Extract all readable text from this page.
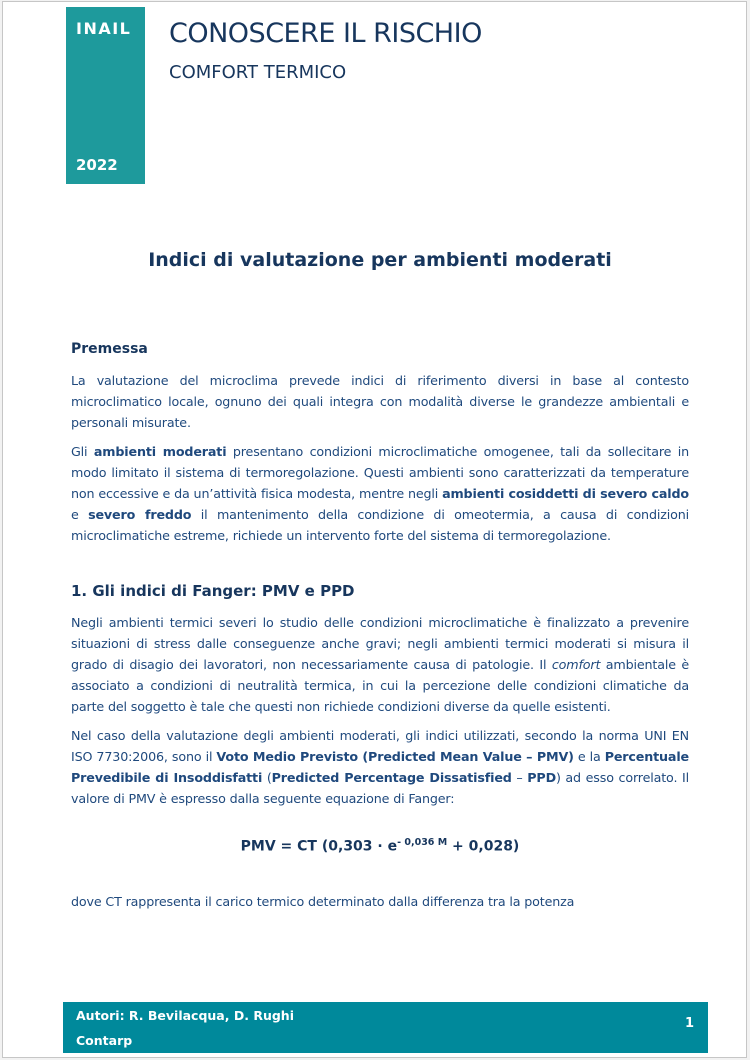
INAIL
2022
CONOSCERE IL RISCHIO
COMFORT TERMICO
Indici di valutazione per ambienti moderati
Premessa

La valutazione del microclima prevede indici di riferimento diversi in base al contesto microclimatico locale, ognuno dei quali integra con modalità diverse le grandezze ambientali e personali misurate.

Gli ambienti moderati presentano condizioni microclimatiche omogenee, tali da sollecitare in modo limitato il sistema di termoregolazione. Questi ambienti sono caratterizzati da temperature non eccessive e da un’attività fisica modesta, mentre negli ambienti cosiddetti di severo caldo e severo freddo il mantenimento della condizione di omeotermia, a causa di condizioni microclimatiche estreme, richiede un intervento forte del sistema di termoregolazione.

1. Gli indici di Fanger: PMV e PPD

Negli ambienti termici severi lo studio delle condizioni microclimatiche è finalizzato a prevenire situazioni di stress dalle conseguenze anche gravi; negli ambienti termici moderati si misura il grado di disagio dei lavoratori, non necessariamente causa di patologie. Il comfort ambientale è associato a condizioni di neutralità termica, in cui la percezione delle condizioni climatiche da parte del soggetto è tale che questi non richiede condizioni diverse da quelle esistenti.

Nel caso della valutazione degli ambienti moderati, gli indici utilizzati, secondo la norma UNI EN ISO 7730:2006, sono il Voto Medio Previsto (Predicted Mean Value – PMV) e la Percentuale Prevedibile di Insoddisfatti (Predicted Percentage Dissatisfied – PPD) ad esso correlato. Il valore di PMV è espresso dalla seguente equazione di Fanger:

PMV = CT $(0,303 \cdot e^{- 0,036 M} + 0,028)$

dove CT rappresenta il carico termico determinato dalla differenza tra la potenza

Autori: R. Bevilacqua, D. Rughi
Contarp
1
